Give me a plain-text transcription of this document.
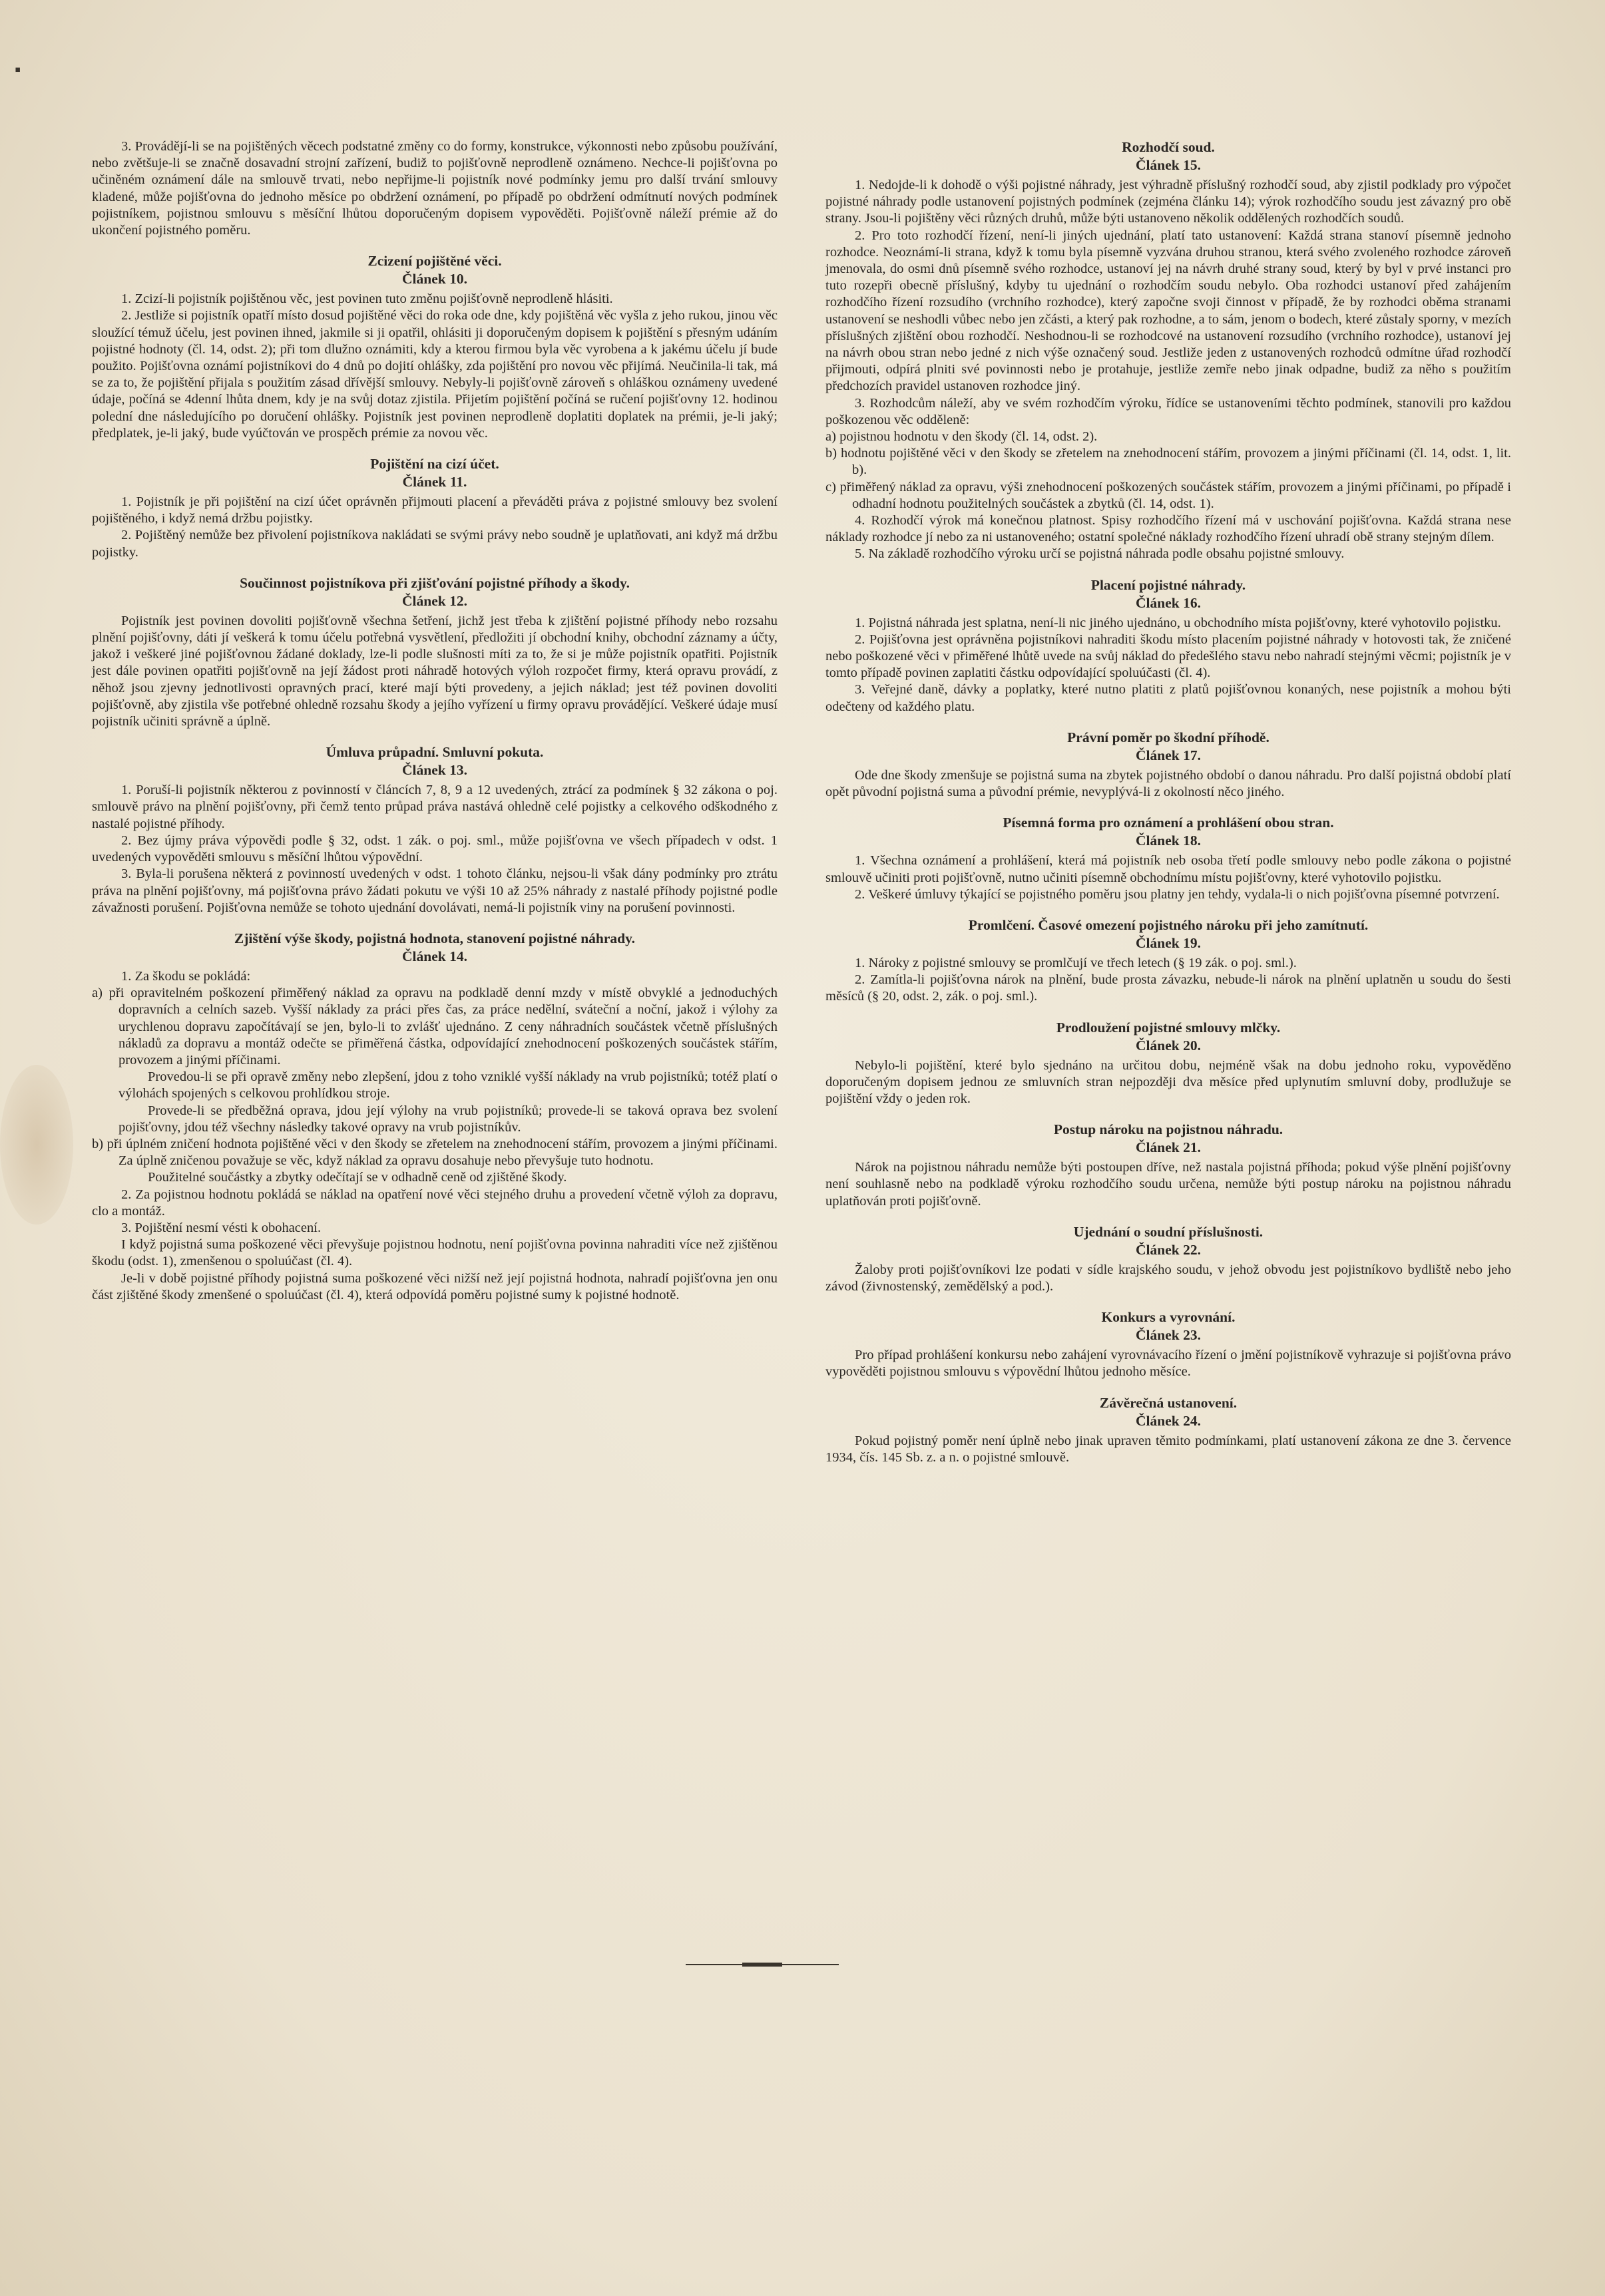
▪

3. Provádějí-li se na pojištěných věcech podstatné změny co do formy, konstrukce, výkonnosti nebo způsobu používání, nebo zvětšuje-li se značně dosavadní strojní zařízení, budiž to pojišťovně neprodleně oznámeno. Nechce-li pojišťovna po učiněném oznámení dále na smlouvě trvati, nebo nepřijme-li pojistník nové podmínky jemu pro další trvání smlouvy kladené, může pojišťovna do jednoho měsíce po obdržení oznámení, po případě po obdržení odmítnutí nových podmínek pojistníkem, pojistnou smlouvu s měsíční lhůtou doporučeným dopisem vypověděti. Pojišťovně náleží prémie až do ukončení pojistného poměru.

Zcizení pojištěné věci.
Článek 10.

1. Zcizí-li pojistník pojištěnou věc, jest povinen tuto změnu pojišťovně neprodleně hlásiti.

2. Jestliže si pojistník opatří místo dosud pojištěné věci do roka ode dne, kdy pojištěná věc vyšla z jeho rukou, jinou věc sloužící témuž účelu, jest povinen ihned, jakmile si ji opatřil, ohlásiti ji doporučeným dopisem k pojištění s přesným udáním pojistné hodnoty (čl. 14, odst. 2); při tom dlužno oznámiti, kdy a kterou firmou byla věc vyrobena a k jakému účelu jí bude použito. Pojišťovna oznámí pojistníkovi do 4 dnů po dojití ohlášky, zda pojištění pro novou věc přijímá. Neučinila-li tak, má se za to, že pojištění přijala s použitím zásad dřívější smlouvy. Nebyly-li pojišťovně zároveň s ohláškou oznámeny uvedené údaje, počíná se 4denní lhůta dnem, kdy je na svůj dotaz zjistila. Přijetím pojištění počíná se ručení pojišťovny 12. hodinou polední dne následujícího po doručení ohlášky. Pojistník jest povinen neprodleně doplatiti doplatek na prémii, je-li jaký; předplatek, je-li jaký, bude vyúčtován ve prospěch prémie za novou věc.

Pojištění na cizí účet.
Článek 11.

1. Pojistník je při pojištění na cizí účet oprávněn přijmouti placení a převáděti práva z pojistné smlouvy bez svolení pojištěného, i když nemá držbu pojistky.

2. Pojištěný nemůže bez přivolení pojistníkova nakládati se svými právy nebo soudně je uplatňovati, ani když má držbu pojistky.

Součinnost pojistníkova při zjišťování pojistné příhody a škody.
Článek 12.

Pojistník jest povinen dovoliti pojišťovně všechna šetření, jichž jest třeba k zjištění pojistné příhody nebo rozsahu plnění pojišťovny, dáti jí veškerá k tomu účelu potřebná vysvětlení, předložiti jí obchodní knihy, obchodní záznamy a účty, jakož i veškeré jiné pojišťovnou žádané doklady, lze-li podle slušnosti míti za to, že si je může pojistník opatřiti. Pojistník jest dále povinen opatřiti pojišťovně na její žádost proti náhradě hotových výloh rozpočet firmy, která opravu provádí, z něhož jsou zjevny jednotlivosti opravných prací, které mají býti provedeny, a jejich náklad; jest též povinen dovoliti pojišťovně, aby zjistila vše potřebné ohledně rozsahu škody a jejího vyřízení u firmy opravu provádějící. Veškeré údaje musí pojistník učiniti správně a úplně.

Úmluva průpadní. Smluvní pokuta.
Článek 13.

1. Poruší-li pojistník některou z povinností v článcích 7, 8, 9 a 12 uvedených, ztrácí za podmínek § 32 zákona o poj. smlouvě právo na plnění pojišťovny, při čemž tento průpad práva nastává ohledně celé pojistky a celkového odškodného z nastalé pojistné příhody.

2. Bez újmy práva výpovědi podle § 32, odst. 1 zák. o poj. sml., může pojišťovna ve všech případech v odst. 1 uvedených vypověděti smlouvu s měsíční lhůtou výpovědní.

3. Byla-li porušena některá z povinností uvedených v odst. 1 tohoto článku, nejsou-li však dány podmínky pro ztrátu práva na plnění pojišťovny, má pojišťovna právo žádati pokutu ve výši 10 až 25% náhrady z nastalé příhody pojistné podle závažnosti porušení. Pojišťovna nemůže se tohoto ujednání dovolávati, nemá-li pojistník viny na porušení povinnosti.

Zjištění výše škody, pojistná hodnota, stanovení pojistné náhrady.
Článek 14.

1. Za škodu se pokládá:

a) při opravitelném poškození přiměřený náklad za opravu na podkladě denní mzdy v místě obvyklé a jednoduchých dopravních a celních sazeb. Vyšší náklady za práci přes čas, za práce nedělní, sváteční a noční, jakož i výlohy za urychlenou dopravu započítávají se jen, bylo-li to zvlášť ujednáno. Z ceny náhradních součástek včetně příslušných nákladů za dopravu a montáž odečte se přiměřená částka, odpovídající znehodnocení poškozených součástek stářím, provozem a jinými příčinami.
Provedou-li se při opravě změny nebo zlepšení, jdou z toho vzniklé vyšší náklady na vrub pojistníků; totéž platí o výlohách spojených s celkovou prohlídkou stroje.
Provede-li se předběžná oprava, jdou její výlohy na vrub pojistníků; provede-li se taková oprava bez svolení pojišťovny, jdou též všechny následky takové opravy na vrub pojistníkův.
b) při úplném zničení hodnota pojištěné věci v den škody se zřetelem na znehodnocení stářím, provozem a jinými příčinami. Za úplně zničenou považuje se věc, když náklad za opravu dosahuje nebo převyšuje tuto hodnotu.
Použitelné součástky a zbytky odečítají se v odhadně ceně od zjištěné škody.

2. Za pojistnou hodnotu pokládá se náklad na opatření nové věci stejného druhu a provedení včetně výloh za dopravu, clo a montáž.

3. Pojištění nesmí vésti k obohacení.

I když pojistná suma poškozené věci převyšuje pojistnou hodnotu, není pojišťovna povinna nahraditi více než zjištěnou škodu (odst. 1), zmenšenou o spoluúčast (čl. 4).

Je-li v době pojistné příhody pojistná suma poškozené věci nižší než její pojistná hodnota, nahradí pojišťovna jen onu část zjištěné škody zmenšené o spoluúčast (čl. 4), která odpovídá poměru pojistné sumy k pojistné hodnotě.

Rozhodčí soud.
Článek 15.

1. Nedojde-li k dohodě o výši pojistné náhrady, jest výhradně příslušný rozhodčí soud, aby zjistil podklady pro výpočet pojistné náhrady podle ustanovení pojistných podmínek (zejména článku 14); výrok rozhodčího soudu jest závazný pro obě strany. Jsou-li pojištěny věci různých druhů, může býti ustanoveno několik oddělených rozhodčích soudů.

2. Pro toto rozhodčí řízení, není-li jiných ujednání, platí tato ustanovení: Každá strana stanoví písemně jednoho rozhodce. Neoznámí-li strana, když k tomu byla písemně vyzvána druhou stranou, která svého zvoleného rozhodce zároveň jmenovala, do osmi dnů písemně svého rozhodce, ustanoví jej na návrh druhé strany soud, který by byl v prvé instanci pro tuto rozepři obecně příslušný, kdyby tu ujednání o rozhodčím soudu nebylo. Oba rozhodci ustanoví před zahájením rozhodčího řízení rozsudího (vrchního rozhodce), který započne svoji činnost v případě, že by rozhodci oběma stranami ustanovení se neshodli vůbec nebo jen zčásti, a který pak rozhodne, a to sám, jenom o bodech, které zůstaly sporny, v mezích příslušných zjištění obou rozhodčí. Neshodnou-li se rozhodcové na ustanovení rozsudího (vrchního rozhodce), ustanoví jej na návrh obou stran nebo jedné z nich výše označený soud. Jestliže jeden z ustanovených rozhodců odmítne úřad rozhodčí přijmouti, odpírá plniti své povinnosti nebo je protahuje, jestliže zemře nebo jinak odpadne, budiž za něho s použitím předchozích pravidel ustanoven rozhodce jiný.

3. Rozhodcům náleží, aby ve svém rozhodčím výroku, řídíce se ustanoveními těchto podmínek, stanovili pro každou poškozenou věc odděleně:

a) pojistnou hodnotu v den škody (čl. 14, odst. 2).
b) hodnotu pojištěné věci v den škody se zřetelem na znehodnocení stářím, provozem a jinými příčinami (čl. 14, odst. 1, lit. b).
c) přiměřený náklad za opravu, výši znehodnocení poškozených součástek stářím, provozem a jinými příčinami, po případě i odhadní hodnotu použitelných součástek a zbytků (čl. 14, odst. 1).

4. Rozhodčí výrok má konečnou platnost. Spisy rozhodčího řízení má v uschování pojišťovna. Každá strana nese náklady rozhodce jí nebo za ni ustanoveného; ostatní společné náklady rozhodčího řízení uhradí obě strany stejným dílem.

5. Na základě rozhodčího výroku určí se pojistná náhrada podle obsahu pojistné smlouvy.

Placení pojistné náhrady.
Článek 16.

1. Pojistná náhrada jest splatna, není-li nic jiného ujednáno, u obchodního místa pojišťovny, které vyhotovilo pojistku.

2. Pojišťovna jest oprávněna pojistníkovi nahraditi škodu místo placením pojistné náhrady v hotovosti tak, že zničené nebo poškozené věci v přiměřené lhůtě uvede na svůj náklad do předešlého stavu nebo nahradí stejnými věcmi; pojistník je v tomto případě povinen zaplatiti částku odpovídající spoluúčasti (čl. 4).

3. Veřejné daně, dávky a poplatky, které nutno platiti z platů pojišťovnou konaných, nese pojistník a mohou býti odečteny od každého platu.

Právní poměr po škodní příhodě.
Článek 17.

Ode dne škody zmenšuje se pojistná suma na zbytek pojistného období o danou náhradu. Pro další pojistná období platí opět původní pojistná suma a původní prémie, nevyplývá-li z okolností něco jiného.

Písemná forma pro oznámení a prohlášení obou stran.
Článek 18.

1. Všechna oznámení a prohlášení, která má pojistník neb osoba třetí podle smlouvy nebo podle zákona o pojistné smlouvě učiniti proti pojišťovně, nutno učiniti písemně obchodnímu místu pojišťovny, které vyhotovilo pojistku.

2. Veškeré úmluvy týkající se pojistného poměru jsou platny jen tehdy, vydala-li o nich pojišťovna písemné potvrzení.

Promlčení. Časové omezení pojistného nároku při jeho zamítnutí.
Článek 19.

1. Nároky z pojistné smlouvy se promlčují ve třech letech (§ 19 zák. o poj. sml.).

2. Zamítla-li pojišťovna nárok na plnění, bude prosta závazku, nebude-li nárok na plnění uplatněn u soudu do šesti měsíců (§ 20, odst. 2, zák. o poj. sml.).

Prodloužení pojistné smlouvy mlčky.
Článek 20.

Nebylo-li pojištění, které bylo sjednáno na určitou dobu, nejméně však na dobu jednoho roku, vypověděno doporučeným dopisem jednou ze smluvních stran nejpozději dva měsíce před uplynutím smluvní doby, prodlužuje se pojištění vždy o jeden rok.

Postup nároku na pojistnou náhradu.
Článek 21.

Nárok na pojistnou náhradu nemůže býti postoupen dříve, než nastala pojistná příhoda; pokud výše plnění pojišťovny není souhlasně nebo na podkladě výroku rozhodčího soudu určena, nemůže býti postup nároku na pojistnou náhradu uplatňován proti pojišťovně.

Ujednání o soudní příslušnosti.
Článek 22.

Žaloby proti pojišťovníkovi lze podati v sídle krajského soudu, v jehož obvodu jest pojistníkovo bydliště nebo jeho závod (živnostenský, zemědělský a pod.).

Konkurs a vyrovnání.
Článek 23.

Pro případ prohlášení konkursu nebo zahájení vyrovnávacího řízení o jmění pojistníkově vyhrazuje si pojišťovna právo vypověděti pojistnou smlouvu s výpovědní lhůtou jednoho měsíce.

Závěrečná ustanovení.
Článek 24.

Pokud pojistný poměr není úplně nebo jinak upraven těmito podmínkami, platí ustanovení zákona ze dne 3. července 1934, čís. 145 Sb. z. a n. o pojistné smlouvě.
